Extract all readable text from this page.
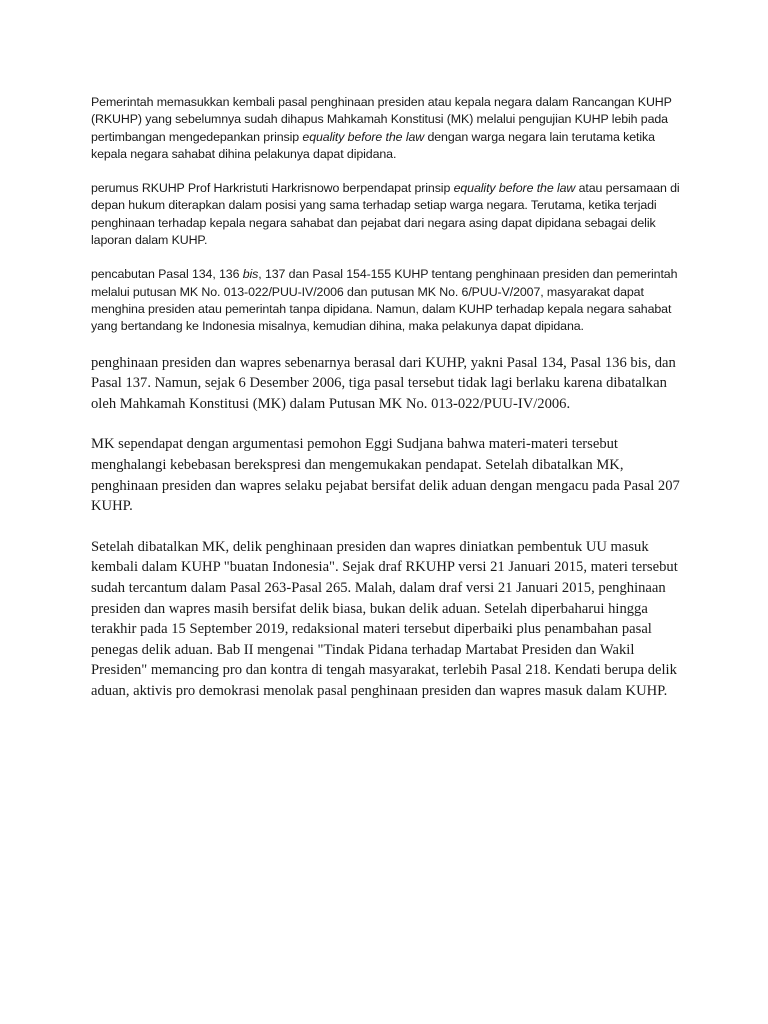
Pemerintah memasukkan kembali pasal penghinaan presiden atau kepala negara dalam Rancangan KUHP (RKUHP) yang sebelumnya sudah dihapus Mahkamah Konstitusi (MK) melalui pengujian KUHP lebih pada pertimbangan mengedepankan prinsip equality before the law dengan warga negara lain terutama ketika kepala negara sahabat dihina pelakunya dapat dipidana.

perumus RKUHP Prof Harkristuti Harkrisnowo berpendapat prinsip equality before the law atau persamaan di depan hukum diterapkan dalam posisi yang sama terhadap setiap warga negara. Terutama, ketika terjadi penghinaan terhadap kepala negara sahabat dan pejabat dari negara asing dapat dipidana sebagai delik laporan dalam KUHP.

pencabutan Pasal 134, 136 bis, 137 dan Pasal 154-155 KUHP tentang penghinaan presiden dan pemerintah melalui putusan MK No. 013-022/PUU-IV/2006 dan putusan MK No. 6/PUU-V/2007, masyarakat dapat menghina presiden atau pemerintah tanpa dipidana. Namun, dalam KUHP terhadap kepala negara sahabat yang bertandang ke Indonesia misalnya, kemudian dihina, maka pelakunya dapat dipidana.

penghinaan presiden dan wapres sebenarnya berasal dari KUHP, yakni Pasal 134, Pasal 136 bis, dan Pasal 137. Namun, sejak 6 Desember 2006, tiga pasal tersebut tidak lagi berlaku karena dibatalkan oleh Mahkamah Konstitusi (MK) dalam Putusan MK No. 013-022/PUU-IV/2006.

MK sependapat dengan argumentasi pemohon Eggi Sudjana bahwa materi-materi tersebut menghalangi kebebasan berekspresi dan mengemukakan pendapat. Setelah dibatalkan MK, penghinaan presiden dan wapres selaku pejabat bersifat delik aduan dengan mengacu pada Pasal 207 KUHP.

Setelah dibatalkan MK, delik penghinaan presiden dan wapres diniatkan pembentuk UU masuk kembali dalam KUHP "buatan Indonesia". Sejak draf RKUHP versi 21 Januari 2015, materi tersebut sudah tercantum dalam Pasal 263-Pasal 265. Malah, dalam draf versi 21 Januari 2015, penghinaan presiden dan wapres masih bersifat delik biasa, bukan delik aduan. Setelah diperbaharui hingga terakhir pada 15 September 2019, redaksional materi tersebut diperbaiki plus penambahan pasal penegas delik aduan. Bab II mengenai "Tindak Pidana terhadap Martabat Presiden dan Wakil Presiden" memancing pro dan kontra di tengah masyarakat, terlebih Pasal 218. Kendati berupa delik aduan, aktivis pro demokrasi menolak pasal penghinaan presiden dan wapres masuk dalam KUHP.
